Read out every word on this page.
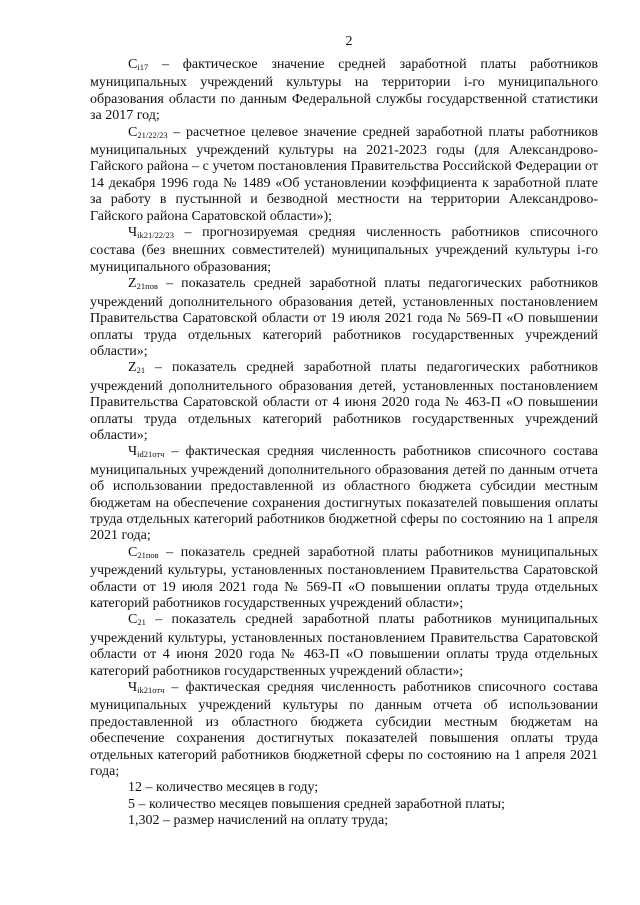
2

$C_{i17}$ – фактическое значение средней заработной платы работников муниципальных учреждений культуры на территории i-го муниципального образования области по данным Федеральной службы государственной статистики за 2017 год;

$C_{21/22/23}$ – расчетное целевое значение средней заработной платы работников муниципальных учреждений культуры на 2021-2023 годы (для Александрово-Гайского района – с учетом постановления Правительства Российской Федерации от 14 декабря 1996 года № 1489 «Об установлении коэффициента к заработной плате за работу в пустынной и безводной местности на территории Александрово-Гайского района Саратовской области»);

$Ч_{ik21/22/23}$ – прогнозируемая средняя численность работников списочного состава (без внешних совместителей) муниципальных учреждений культуры i-го муниципального образования;

$Z_{21пов}$ – показатель средней заработной платы педагогических работников учреждений дополнительного образования детей, установленных постановлением Правительства Саратовской области от 19 июля 2021 года № 569-П «О повышении оплаты труда отдельных категорий работников государственных учреждений области»;

$Z_{21}$ – показатель средней заработной платы педагогических работников учреждений дополнительного образования детей, установленных постановлением Правительства Саратовской области от 4 июня 2020 года № 463-П «О повышении оплаты труда отдельных категорий работников государственных учреждений области»;

$Ч_{id21отч}$ – фактическая средняя численность работников списочного состава муниципальных учреждений дополнительного образования детей по данным отчета об использовании предоставленной из областного бюджета субсидии местным бюджетам на обеспечение сохранения достигнутых показателей повышения оплаты труда отдельных категорий работников бюджетной сферы по состоянию на 1 апреля 2021 года;

$C_{21пов}$ – показатель средней заработной платы работников муниципальных учреждений культуры, установленных постановлением Правительства Саратовской области от 19 июля 2021 года № 569-П «О повышении оплаты труда отдельных категорий работников государственных учреждений области»;

$C_{21}$ – показатель средней заработной платы работников муниципальных учреждений культуры, установленных постановлением Правительства Саратовской области от 4 июня 2020 года № 463-П «О повышении оплаты труда отдельных категорий работников государственных учреждений области»;

$Ч_{ik21отч}$ – фактическая средняя численность работников списочного состава муниципальных учреждений культуры по данным отчета об использовании предоставленной из областного бюджета субсидии местным бюджетам на обеспечение сохранения достигнутых показателей повышения оплаты труда отдельных категорий работников бюджетной сферы по состоянию на 1 апреля 2021 года;

12 – количество месяцев в году;

5 – количество месяцев повышения средней заработной платы;

1,302 – размер начислений на оплату труда;
